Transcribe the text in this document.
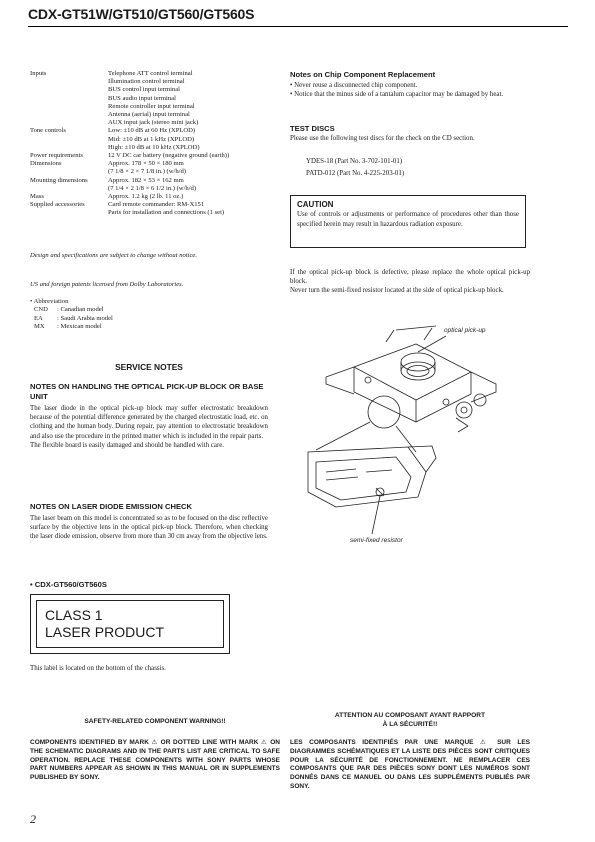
CDX-GT51W/GT510/GT560/GT560S
Inputs	Telephone ATT control terminal
Illumination control terminal
BUS control input terminal
BUS audio input terminal
Remote controller input terminal
Antenna (aerial) input terminal
AUX input jack (stereo mini jack)
Tone controls	Low: ±10 dB at 60 Hz (XPLOD)
Mid: ±10 dB at 1 kHz (XPLOD)
High: ±10 dB at 10 kHz (XPLOD)
Power requirements	12 V DC car battery (negative ground (earth))
Dimensions	Approx. 178 × 50 × 180 mm
(7 1/8 × 2 × 7 1/8 in.) (w/h/d)
Mounting dimensions	Approx. 182 × 53 × 162 mm
(7 1/4 × 2 1/8 × 6 1/2 in.) (w/h/d)
Mass	Approx. 1.2 kg (2 lb. 11 oz.)
Supplied accessories	Card remote commander: RM-X151
Parts for installation and connections (1 set)
Design and specifications are subject to change without notice.
US and foreign patents licensed from Dolby Laboratories.
• Abbreviation
CND	: Canadian model
EA	: Saudi Arabia model
MX	: Mexican model
SERVICE NOTES
NOTES ON HANDLING THE OPTICAL PICK-UP BLOCK OR BASE UNIT
The laser diode in the optical pick-up block may suffer electrostatic breakdown because of the potential difference generated by the charged electrostatic load, etc. on clothing and the human body. During repair, pay attention to electrostatic breakdown and also use the procedure in the printed matter which is included in the repair parts.
The flexible board is easily damaged and should be handled with care.
NOTES ON LASER DIODE EMISSION CHECK
The laser beam on this model is concentrated so as to be focused on the disc reflective surface by the objective lens in the optical pick-up block. Therefore, when checking the laser diode emission, observe from more than 30 cm away from the objective lens.
• CDX-GT560/GT560S
CLASS 1
LASER PRODUCT
This label is located on the bottom of the chassis.
Notes on Chip Component Replacement
• Never reuse a disconnected chip component.
• Notice that the minus side of a tantalum capacitor may be damaged by heat.
TEST DISCS
Please use the following test discs for the check on the CD section.
YDES-18 (Part No. 3-702-101-01)
PATD-012 (Part No. 4-225-203-01)
CAUTION
Use of controls or adjustments or performance of procedures other than those specified herein may result in hazardous radiation exposure.
If the optical pick-up block is defective, please replace the whole optical pick-up block.
Never turn the semi-fixed resistor located at the side of optical pick-up block.
optical pick-up
semi-fixed resistor
SAFETY-RELATED COMPONENT WARNING!!
COMPONENTS IDENTIFIED BY MARK ⚠ OR DOTTED LINE WITH MARK ⚠ ON THE SCHEMATIC DIAGRAMS AND IN THE PARTS LIST ARE CRITICAL TO SAFE OPERATION. REPLACE THESE COMPONENTS WITH SONY PARTS WHOSE PART NUMBERS APPEAR AS SHOWN IN THIS MANUAL OR IN SUPPLEMENTS PUBLISHED BY SONY.
ATTENTION AU COMPOSANT AYANT RAPPORT
À LA SÉCURITÉ!!
LES COMPOSANTS IDENTIFIÉS PAR UNE MARQUE ⚠ SUR LES DIAGRAMMES SCHÉMATIQUES ET LA LISTE DES PIÈCES SONT CRITIQUES POUR LA SÉCURITÉ DE FONCTIONNEMENT. NE REMPLACER CES COMPOSANTS QUE PAR DES PIÈCES SONY DONT LES NUMÉROS SONT DONNÉS DANS CE MANUEL OU DANS LES SUPPLÉMENTS PUBLIÉS PAR SONY.
2
